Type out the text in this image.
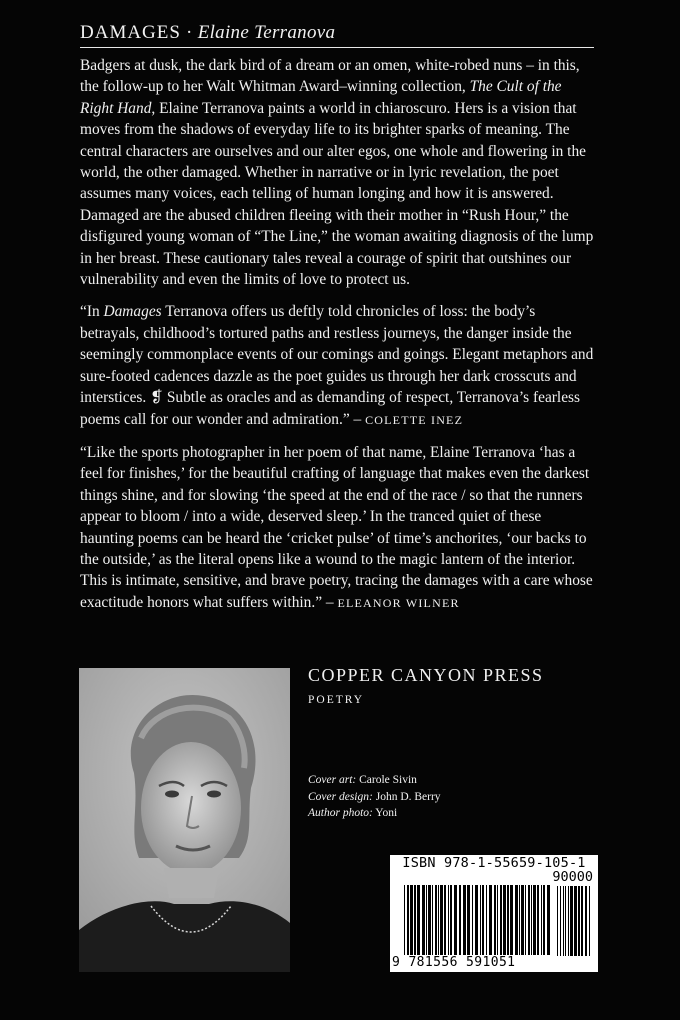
DAMAGES · Elaine Terranova

Badgers at dusk, the dark bird of a dream or an omen, white-robed nuns – in this, the follow-up to her Walt Whitman Award–winning collection, The Cult of the Right Hand, Elaine Terranova paints a world in chiaroscuro. Hers is a vision that moves from the shadows of everyday life to its brighter sparks of meaning. The central characters are ourselves and our alter egos, one whole and flowering in the world, the other damaged. Whether in narrative or in lyric revelation, the poet assumes many voices, each telling of human longing and how it is answered. Damaged are the abused children fleeing with their mother in “Rush Hour,” the disfigured young woman of “The Line,” the woman awaiting diagnosis of the lump in her breast. These cautionary tales reveal a courage of spirit that outshines our vulnerability and even the limits of love to protect us.

“In Damages Terranova offers us deftly told chronicles of loss: the body’s betrayals, childhood’s tortured paths and restless journeys, the danger inside the seemingly commonplace events of our comings and goings. Elegant metaphors and sure-footed cadences dazzle as the poet guides us through her dark crosscuts and interstices. ❡ Subtle as oracles and as demanding of respect, Terranova’s fearless poems call for our wonder and admiration.” – COLETTE INEZ

“Like the sports photographer in her poem of that name, Elaine Terranova ‘has a feel for finishes,’ for the beautiful crafting of language that makes even the darkest things shine, and for slowing ‘the speed at the end of the race / so that the runners appear to bloom / into a wide, deserved sleep.’ In the tranced quiet of these haunting poems can be heard the ‘cricket pulse’ of time’s anchorites, ‘our backs to the outside,’ as the literal opens like a wound to the magic lantern of the interior. This is intimate, sensitive, and brave poetry, tracing the damages with a care whose exactitude honors what suffers within.” – ELEANOR WILNER

COPPER CANYON PRESS
POETRY
Cover art: Carole Sivin
Cover design: John D. Berry
Author photo: Yoni
ISBN 978-1-55659-105-1
90000
9 781556 591051
